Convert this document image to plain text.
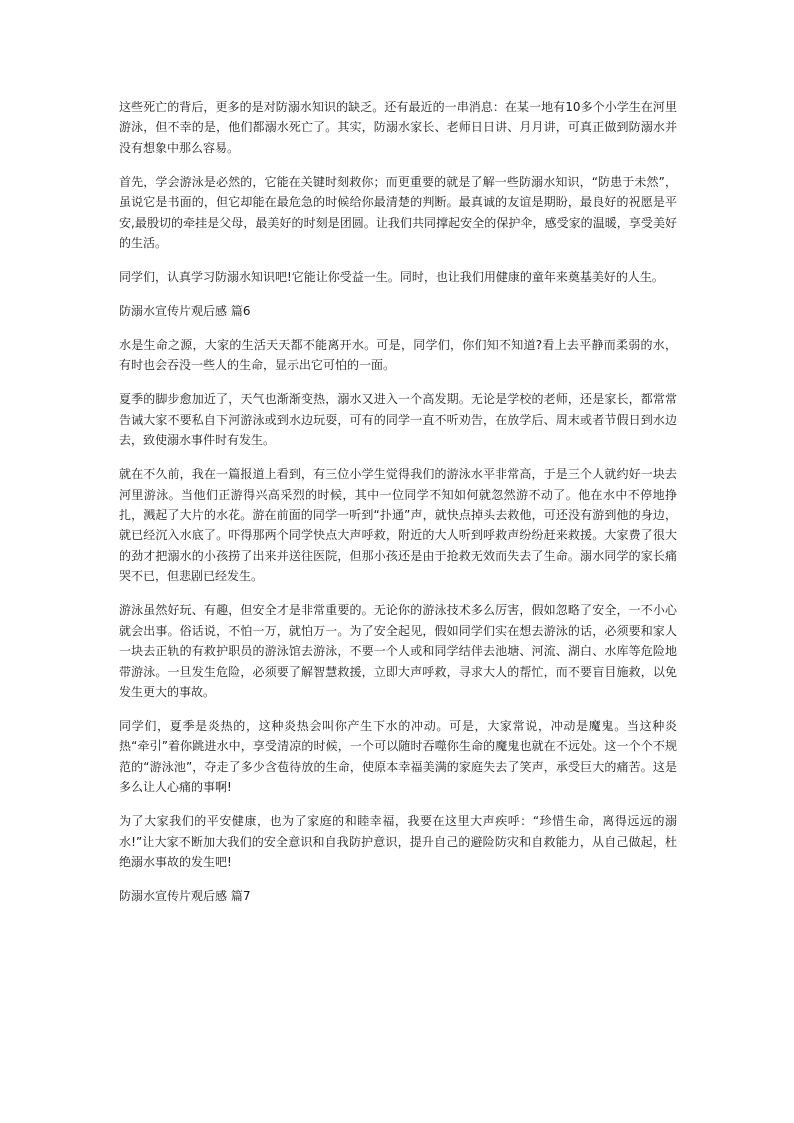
这些死亡的背后，更多的是对防溺水知识的缺乏。还有最近的一串消息：在某一地有10多个小学生在河里游泳，但不幸的是，他们都溺水死亡了。其实，防溺水家长、老师日日讲、月月讲，可真正做到防溺水并没有想象中那么容易。

首先，学会游泳是必然的，它能在关键时刻救你；而更重要的就是了解一些防溺水知识，“防患于未然”，虽说它是书面的，但它却能在最危急的时候给你最清楚的判断。最真诚的友谊是期盼，最良好的祝愿是平安,最殷切的牵挂是父母，最美好的时刻是团圆。让我们共同撑起安全的保护伞，感受家的温暖，享受美好的生活。

同学们，认真学习防溺水知识吧!它能让你受益一生。同时，也让我们用健康的童年来奠基美好的人生。

防溺水宣传片观后感 篇6

水是生命之源，大家的生活天天都不能离开水。可是，同学们，你们知不知道?看上去平静而柔弱的水，有时也会吞没一些人的生命，显示出它可怕的一面。

夏季的脚步愈加近了，天气也渐渐变热，溺水又进入一个高发期。无论是学校的老师，还是家长，都常常告诫大家不要私自下河游泳或到水边玩耍，可有的同学一直不听劝告，在放学后、周末或者节假日到水边去，致使溺水事件时有发生。

就在不久前，我在一篇报道上看到，有三位小学生觉得我们的游泳水平非常高，于是三个人就约好一块去河里游泳。当他们正游得兴高采烈的时候，其中一位同学不知如何就忽然游不动了。他在水中不停地挣扎，溅起了大片的水花。游在前面的同学一听到“扑通”声，就快点掉头去救他，可还没有游到他的身边，就已经沉入水底了。吓得那两个同学快点大声呼救，附近的大人听到呼救声纷纷赶来救援。大家费了很大的劲才把溺水的小孩捞了出来并送往医院，但那小孩还是由于抢救无效而失去了生命。溺水同学的家长痛哭不已，但悲剧已经发生。

游泳虽然好玩、有趣，但安全才是非常重要的。无论你的游泳技术多么厉害，假如忽略了安全，一不小心就会出事。俗话说，不怕一万，就怕万一。为了安全起见，假如同学们实在想去游泳的话，必须要和家人一块去正轨的有救护职员的游泳馆去游泳，不要一个人或和同学结伴去池塘、河流、湖白、水库等危险地带游泳。一旦发生危险，必须要了解智慧救援，立即大声呼救，寻求大人的帮忙，而不要盲目施救，以免发生更大的事故。

同学们，夏季是炎热的，这种炎热会叫你产生下水的冲动。可是，大家常说，冲动是魔鬼。当这种炎热“牵引”着你跳进水中，享受清凉的时候，一个可以随时吞噬你生命的魔鬼也就在不远处。这一个个不规范的“游泳池”，夺走了多少含苞待放的生命，使原本幸福美满的家庭失去了笑声，承受巨大的痛苦。这是多么让人心痛的事啊!

为了大家我们的平安健康，也为了家庭的和睦幸福，我要在这里大声疾呼：“珍惜生命，离得远远的溺水!”让大家不断加大我们的安全意识和自我防护意识，提升自己的避险防灾和自救能力，从自己做起，杜绝溺水事故的发生吧!

防溺水宣传片观后感 篇7
